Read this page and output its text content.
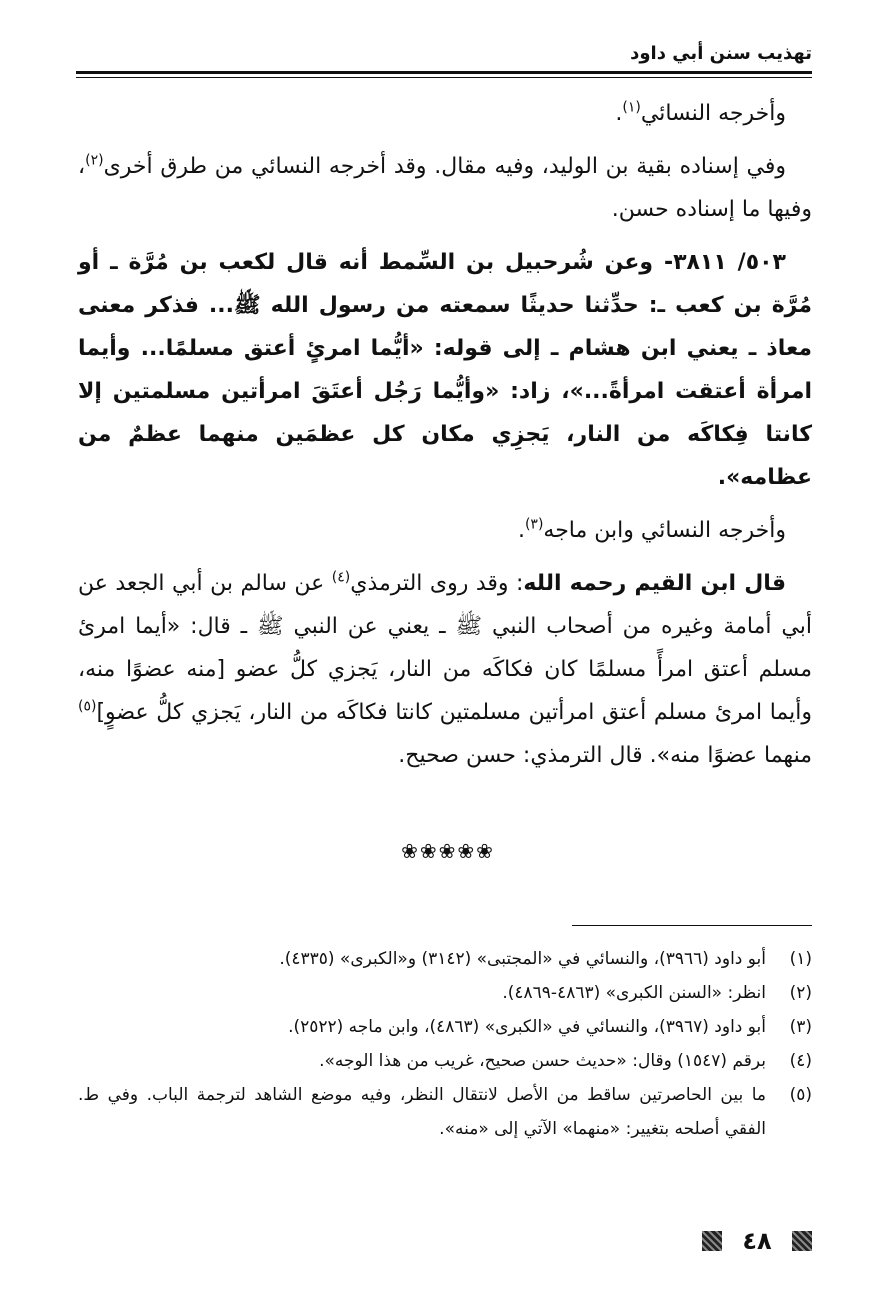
تهذيب سنن أبي داود

وأخرجه النسائي$^{(١)}$.

وفي إسناده بقية بن الوليد، وفيه مقال. وقد أخرجه النسائي من طرق أخرى$^{(٢)}$، وفيها ما إسناده حسن.

٥٠٣/ ٣٨١١- وعن شُرحبيل بن السِّمط أنه قال لكعب بن مُرَّة ـ أو مُرَّة بن كعب ـ: حدِّثنا حديثًا سمعته من رسول الله ﷺ... فذكر معنى معاذ ـ يعني ابن هشام ـ إلى قوله: «أيُّما امرئٍ أعتق مسلمًا... وأيما امرأة أعتقت امرأةً...»، زاد: «وأيُّما رَجُل أعتَقَ امرأتين مسلمتين إلا كانتا فِكاكَه من النار، يَجزِي مكان كل عظمَين منهما عظمٌ من عظامه».

وأخرجه النسائي وابن ماجه$^{(٣)}$.

قال ابن القيم رحمه الله: وقد روى الترمذي$^{(٤)}$ عن سالم بن أبي الجعد عن أبي أمامة وغيره من أصحاب النبي ﷺ ـ يعني عن النبي ﷺ ـ قال: «أيما امرئ مسلم أعتق امرأً مسلمًا كان فكاكَه من النار، يَجزي كلُّ عضو [منه عضوًا منه، وأيما امرئ مسلم أعتق امرأتين مسلمتين كانتا فكاكَه من النار، يَجزي كلُّ عضوٍ]$^{(٥)}$ منهما عضوًا منه». قال الترمذي: حسن صحيح.

❀
❀
❀
❀
❀
(١)
أبو داود (٣٩٦٦)، والنسائي في «المجتبى» (٣١٤٢) و«الكبرى» (٤٣٣٥).
(٢)
انظر: «السنن الكبرى» (٤٨٦٣-٤٨٦٩).
(٣)
أبو داود (٣٩٦٧)، والنسائي في «الكبرى» (٤٨٦٣)، وابن ماجه (٢٥٢٢).
(٤)
برقم (١٥٤٧) وقال: «حديث حسن صحيح، غريب من هذا الوجه».
(٥)
ما بين الحاصرتين ساقط من الأصل لانتقال النظر، وفيه موضع الشاهد لترجمة الباب. وفي ط. الفقي أصلحه بتغيير: «منهما» الآتي إلى «منه».
٤٨
